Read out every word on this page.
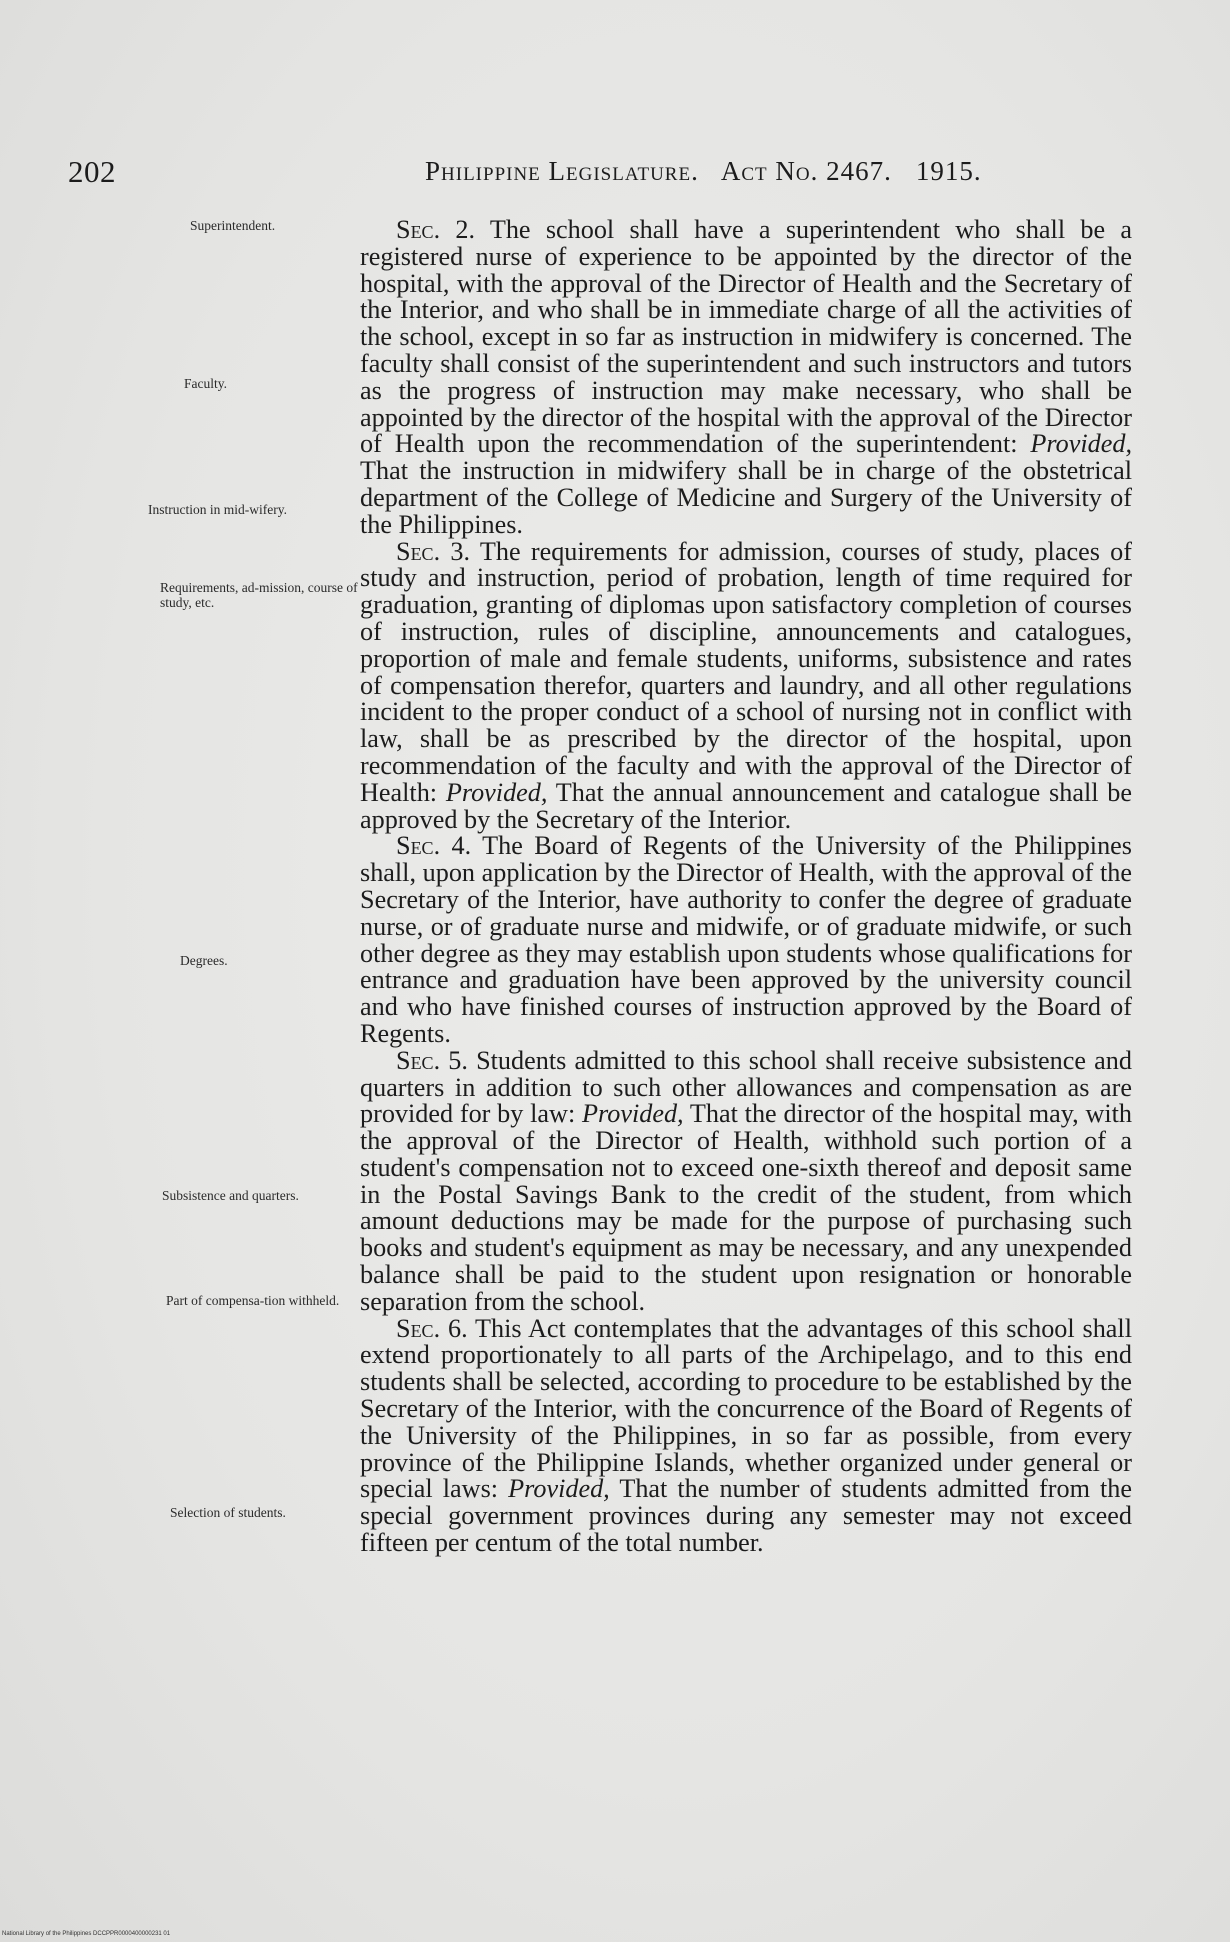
202	Philippine Legislature. Act No. 2467. 1915.
Superintendent.
Faculty.
Instruction in mid-wifery.
Requirements, ad-mission, course of study, etc.
Degrees.
Subsistence and quarters.
Part of compensa-tion withheld.
Selection of students.

Sec. 2. The school shall have a superintendent who shall be a registered nurse of experience to be appointed by the director of the hospital, with the approval of the Director of Health and the Secretary of the Interior, and who shall be in immediate charge of all the activities of the school, except in so far as instruction in midwifery is concerned. The faculty shall consist of the superintendent and such instructors and tutors as the progress of instruction may make necessary, who shall be appointed by the director of the hospital with the approval of the Director of Health upon the recommendation of the superintendent: Provided, That the instruction in midwifery shall be in charge of the obstetrical department of the College of Medicine and Surgery of the University of the Philippines.

Sec. 3. The requirements for admission, courses of study, places of study and instruction, period of probation, length of time required for graduation, granting of diplomas upon satisfactory completion of courses of instruction, rules of discipline, announcements and catalogues, proportion of male and female students, uniforms, subsistence and rates of compensation therefor, quarters and laundry, and all other regulations incident to the proper conduct of a school of nursing not in conflict with law, shall be as prescribed by the director of the hospital, upon recommendation of the faculty and with the approval of the Director of Health: Provided, That the annual announcement and catalogue shall be approved by the Secretary of the Interior.

Sec. 4. The Board of Regents of the University of the Philippines shall, upon application by the Director of Health, with the approval of the Secretary of the Interior, have authority to confer the degree of graduate nurse, or of graduate nurse and midwife, or of graduate midwife, or such other degree as they may establish upon students whose qualifications for entrance and graduation have been approved by the university council and who have finished courses of instruction approved by the Board of Regents.

Sec. 5. Students admitted to this school shall receive subsistence and quarters in addition to such other allowances and compensation as are provided for by law: Provided, That the director of the hospital may, with the approval of the Director of Health, withhold such portion of a student's compensation not to exceed one-sixth thereof and deposit same in the Postal Savings Bank to the credit of the student, from which amount deductions may be made for the purpose of purchasing such books and student's equipment as may be necessary, and any unexpended balance shall be paid to the student upon resignation or honorable separation from the school.

Sec. 6. This Act contemplates that the advantages of this school shall extend proportionately to all parts of the Archipelago, and to this end students shall be selected, according to procedure to be established by the Secretary of the Interior, with the concurrence of the Board of Regents of the University of the Philippines, in so far as possible, from every province of the Philippine Islands, whether organized under general or special laws: Provided, That the number of students admitted from the special government provinces during any semester may not exceed fifteen per centum of the total number.

National Library of the Philippines DCCPPR0000400000231 01
